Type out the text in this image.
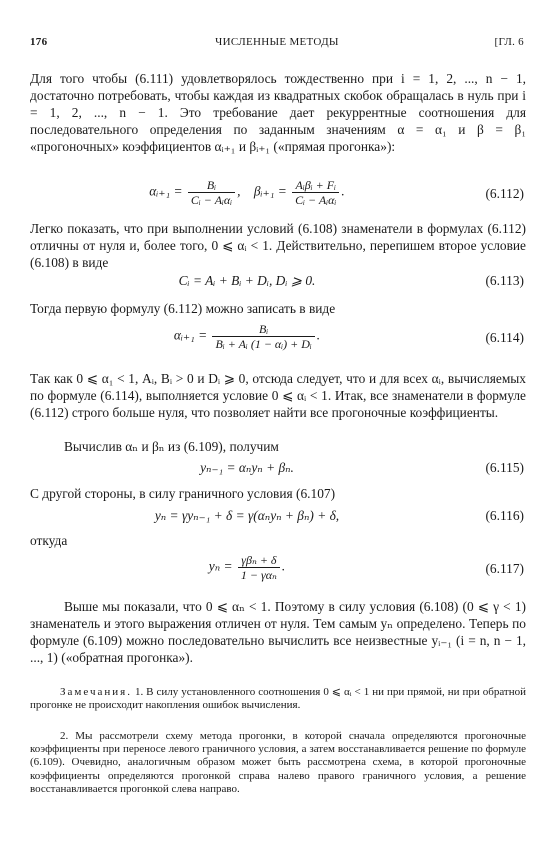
176	ЧИСЛЕННЫЕ МЕТОДЫ	[ГЛ. 6

Для того чтобы (6.111) удовлетворялось тождественно при i = 1, 2, ..., n − 1, достаточно потребовать, чтобы каждая из квадратных скобок обращалась в нуль при i = 1, 2, ..., n − 1. Это требование дает рекуррентные соотношения для последовательного определения по заданным значениям α = α₁ и β = β₁ «прогоночных» коэффициентов αᵢ₊₁ и βᵢ₊₁ («прямая прогонка»):

αᵢ₊₁ = $\frac{\text{Bᵢ}}{\text{Cᵢ − Aᵢαᵢ}}$ ,    βᵢ₊₁ = $\frac{\text{Aᵢβᵢ + Fᵢ}}{\text{Cᵢ − Aᵢαᵢ}}$ .	(6.112)

Легко показать, что при выполнении условий (6.108) знаменатели в формулах (6.112) отличны от нуля и, более того, 0 ⩽ αᵢ < 1. Действительно, перепишем второе условие (6.108) в виде

Cᵢ = Aᵢ + Bᵢ + Dᵢ, Dᵢ ⩾ 0.	(6.113)

Тогда первую формулу (6.112) можно записать в виде

αᵢ₊₁ = $\frac{\text{Bᵢ}}{\text{Bᵢ + Aᵢ (1 − αᵢ) + Dᵢ}}$ .	(6.114)

Так как 0 ⩽ α₁ < 1, Aᵢ, Bᵢ > 0 и Dᵢ ⩾ 0, отсюда следует, что и для всех αᵢ, вычисляемых по формуле (6.114), выполняется условие 0 ⩽ αᵢ < 1. Итак, все знаменатели в формуле (6.112) строго больше нуля, что позволяет найти все прогоночные коэффициенты.

Вычислив αₙ и βₙ из (6.109), получим

yₙ₋₁ = αₙyₙ + βₙ.	(6.115)

С другой стороны, в силу граничного условия (6.107)

yₙ = γyₙ₋₁ + δ = γ(αₙyₙ + βₙ) + δ,	(6.116)

откуда

$y_n = \frac{\text{γβₙ + δ}}{\text{1 − γαₙ}}$ .	(6.117)

Выше мы показали, что 0 ⩽ αₙ < 1. Поэтому в силу условия (6.108) (0 ⩽ γ < 1) знаменатель и этого выражения отличен от нуля. Тем самым yₙ определено. Теперь по формуле (6.109) можно последовательно вычислить все неизвестные yᵢ₋₁ (i = n, n − 1, ..., 1) («обратная прогонка»).

Замечания. 1. В силу установленного соотношения 0 ⩽ αᵢ < 1 ни при прямой, ни при обратной прогонке не происходит накопления ошибок вычисления.

2. Мы рассмотрели схему метода прогонки, в которой сначала определяются прогоночные коэффициенты при переносе левого граничного условия, а затем восстанавливается решение по формуле (6.109). Очевидно, аналогичным образом может быть рассмотрена схема, в которой прогоночные коэффициенты определяются прогонкой справа налево правого граничного условия, а решение восстанавливается прогонкой слева направо.
